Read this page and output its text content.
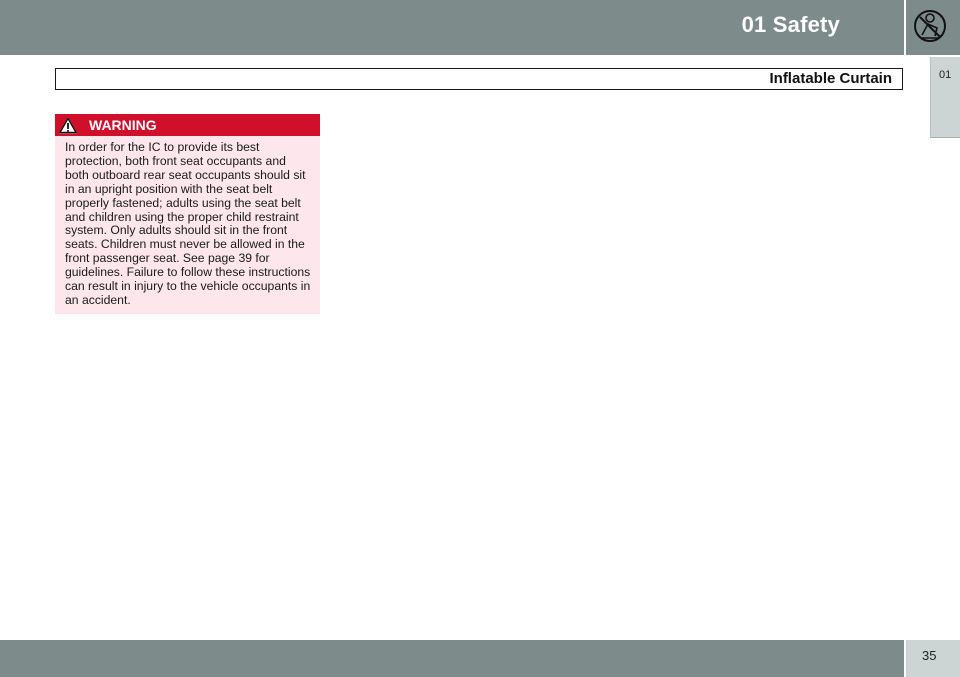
01 Safety
01
Inflatable Curtain
WARNING
In order for the IC to provide its best protection, both front seat occupants and both outboard rear seat occupants should sit in an upright position with the seat belt properly fastened; adults using the seat belt and children using the proper child restraint system. Only adults should sit in the front seats. Children must never be allowed in the front passenger seat. See page 39 for guidelines. Failure to follow these instructions can result in injury to the vehicle occupants in an accident.
35
